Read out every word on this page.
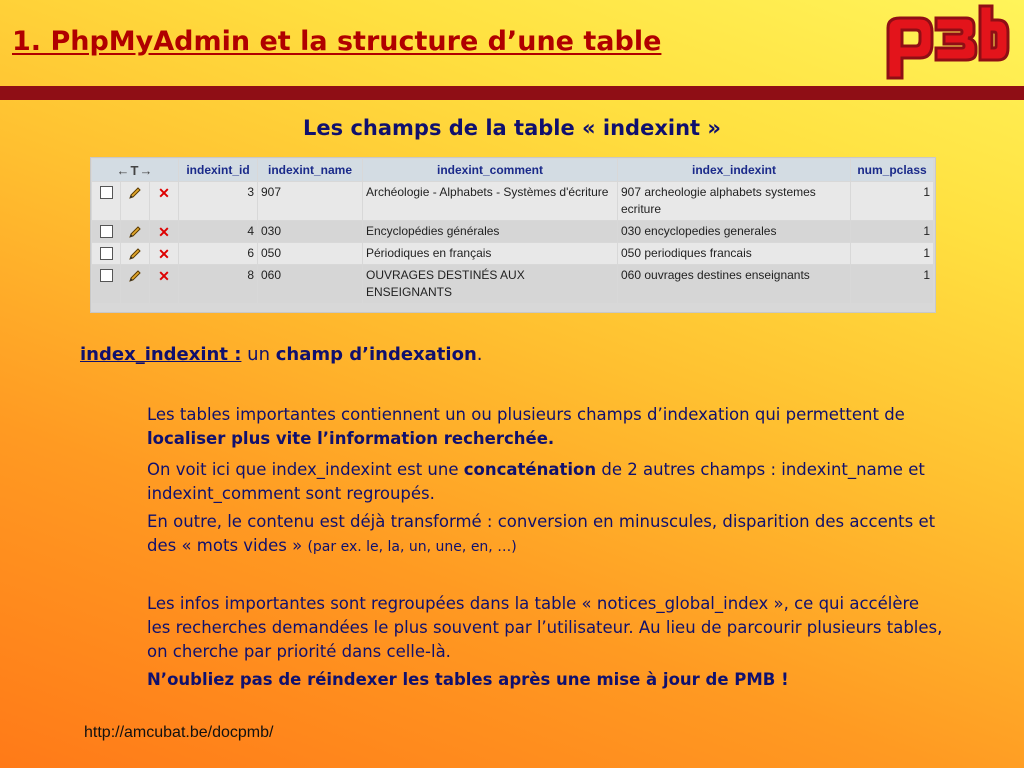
1. PhpMyAdmin et la structure d’une table
Les champs de la table « indexint »
←T→			indexint_id	indexint_name	indexint_comment	index_indexint	num_pclass
		✕	3	907	Archéologie - Alphabets - Systèmes d'écriture	907 archeologie alphabets systemes ecriture	1
		✕	4	030	Encyclopédies générales	030 encyclopedies generales	1
		✕	6	050	Périodiques en français	050 periodiques francais	1
		✕	8	060	OUVRAGES DESTINÉS AUX ENSEIGNANTS	060 ouvrages destines enseignants	1
index_indexint : un champ d’indexation.
Les tables importantes contiennent un ou plusieurs champs d’indexation qui permettent de localiser plus vite l’information recherchée.
On voit ici que index_indexint est une concaténation de 2 autres champs : indexint_name et indexint_comment sont regroupés.
En outre, le contenu est déjà transformé : conversion en minuscules, disparition des accents et des « mots vides » (par ex. le, la, un, une, en, …)
Les infos importantes sont regroupées dans la table « notices_global_index », ce qui accélère les recherches demandées le plus souvent par l’utilisateur. Au lieu de parcourir plusieurs tables, on cherche par priorité dans celle-là.
N’oubliez pas de réindexer les tables après une mise à jour de PMB !
http://amcubat.be/docpmb/
